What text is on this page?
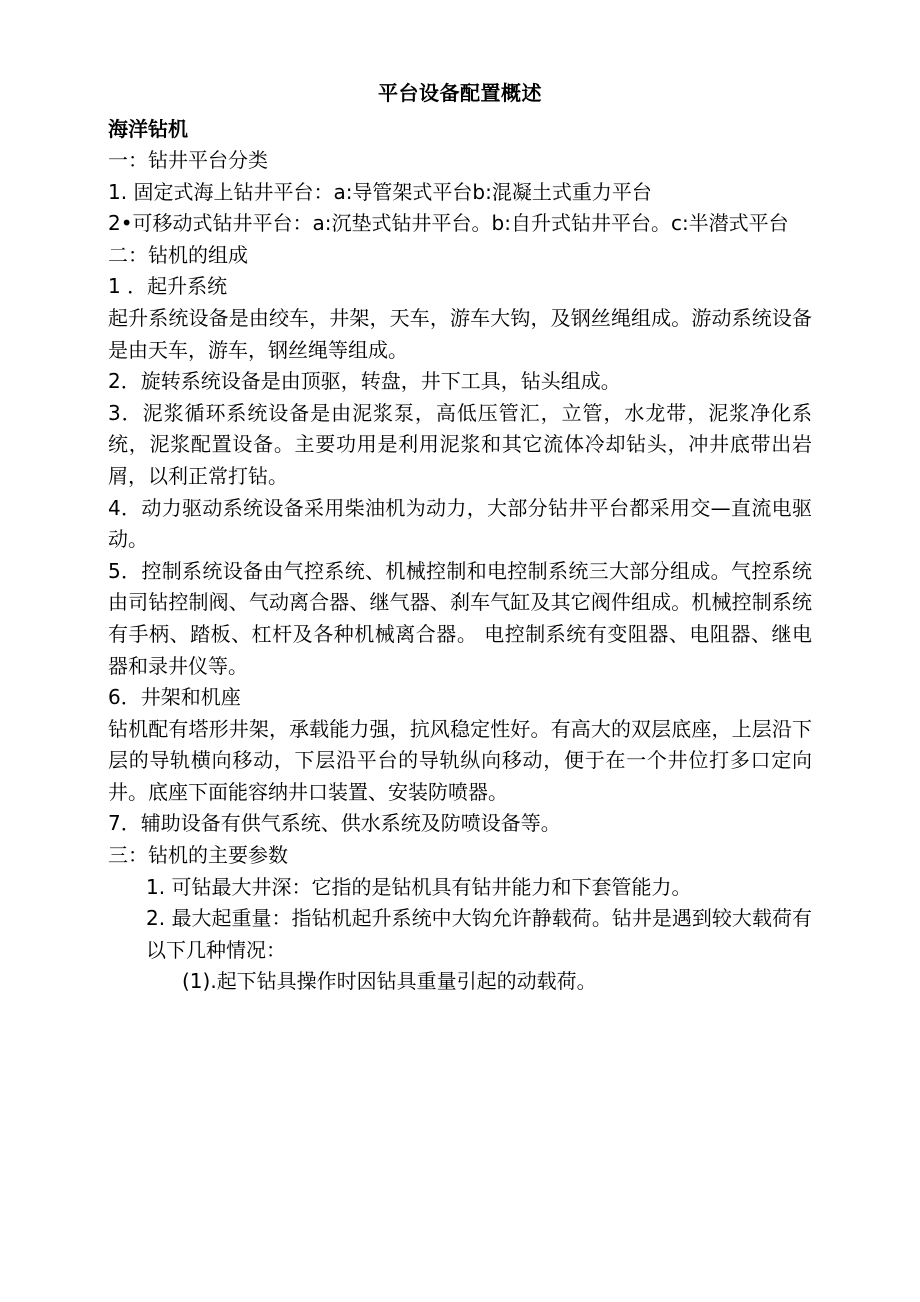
平台设备配置概述
海洋钻机

一：钻井平台分类

1. 固定式海上钻井平台：a:导管架式平台b:混凝土式重力平台

2•可移动式钻井平台：a:沉垫式钻井平台。b:自升式钻井平台。c:半潜式平台

二：钻机的组成

1 ．起升系统

起升系统设备是由绞车，井架，天车，游车大钩，及钢丝绳组成。游动系统设备是由天车，游车，钢丝绳等组成。

2．旋转系统设备是由顶驱，转盘，井下工具，钻头组成。

3．泥浆循环系统设备是由泥浆泵，高低压管汇，立管，水龙带，泥浆净化系统，泥浆配置设备。主要功用是利用泥浆和其它流体冷却钻头，冲井底带出岩屑，以利正常打钻。

4．动力驱动系统设备采用柴油机为动力，大部分钻井平台都采用交—直流电驱动。

5．控制系统设备由气控系统、机械控制和电控制系统三大部分组成。气控系统由司钻控制阀、气动离合器、继气器、刹车气缸及其它阀件组成。机械控制系统有手柄、踏板、杠杆及各种机械离合器。 电控制系统有变阻器、电阻器、继电器和录井仪等。

6．井架和机座

钻机配有塔形井架，承载能力强，抗风稳定性好。有高大的双层底座，上层沿下层的导轨横向移动，下层沿平台的导轨纵向移动，便于在一个井位打多口定向井。底座下面能容纳井口装置、安装防喷器。

7．辅助设备有供气系统、供水系统及防喷设备等。

三：钻机的主要参数

1. 可钻最大井深：它指的是钻机具有钻井能力和下套管能力。

2. 最大起重量：指钻机起升系统中大钩允许静载荷。钻井是遇到较大载荷有以下几种情况：

(1).起下钻具操作时因钻具重量引起的动载荷。
